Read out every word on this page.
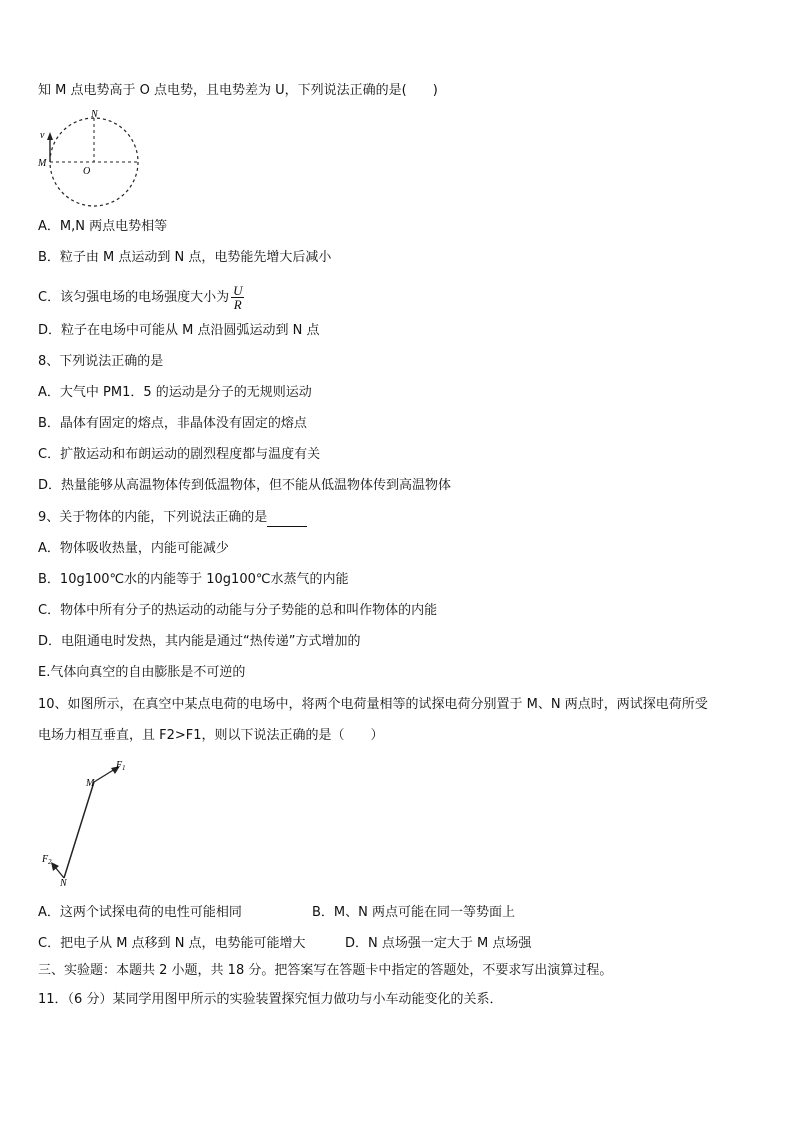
知 M 点电势高于 O 点电势，且电势差为 U，下列说法正确的是(　　)
N
v
M
O
A．M,N 两点电势相等
B．粒子由 M 点运动到 N 点，电势能先增大后减小
C．该匀强电场的电场强度大小为 $\frac{U}{R}$
D．粒子在电场中可能从 M 点沿圆弧运动到 N 点
8、下列说法正确的是
A．大气中 PM1．5 的运动是分子的无规则运动
B．晶体有固定的熔点，非晶体没有固定的熔点
C．扩散运动和布朗运动的剧烈程度都与温度有关
D．热量能够从高温物体传到低温物体，但不能从低温物体传到高温物体
9、关于物体的内能，下列说法正确的是
A．物体吸收热量，内能可能减少
B．10g100℃水的内能等于 10g100℃水蒸气的内能
C．物体中所有分子的热运动的动能与分子势能的总和叫作物体的内能
D．电阻通电时发热，其内能是通过“热传递”方式增加的
E.气体向真空的自由膨胀是不可逆的
10、如图所示，在真空中某点电荷的电场中，将两个电荷量相等的试探电荷分别置于 M、N 两点时，两试探电荷所受
电场力相互垂直，且 F2>F1，则以下说法正确的是（　　）
M
N
F 1
F 2
A．这两个试探电荷的电性可能相同	B．M、N 两点可能在同一等势面上
C．把电子从 M 点移到 N 点，电势能可能增大	D．N 点场强一定大于 M 点场强
三、实验题：本题共 2 小题，共 18 分。把答案写在答题卡中指定的答题处，不要求写出演算过程。
11．（6 分）某同学用图甲所示的实验装置探究恒力做功与小车动能变化的关系．
